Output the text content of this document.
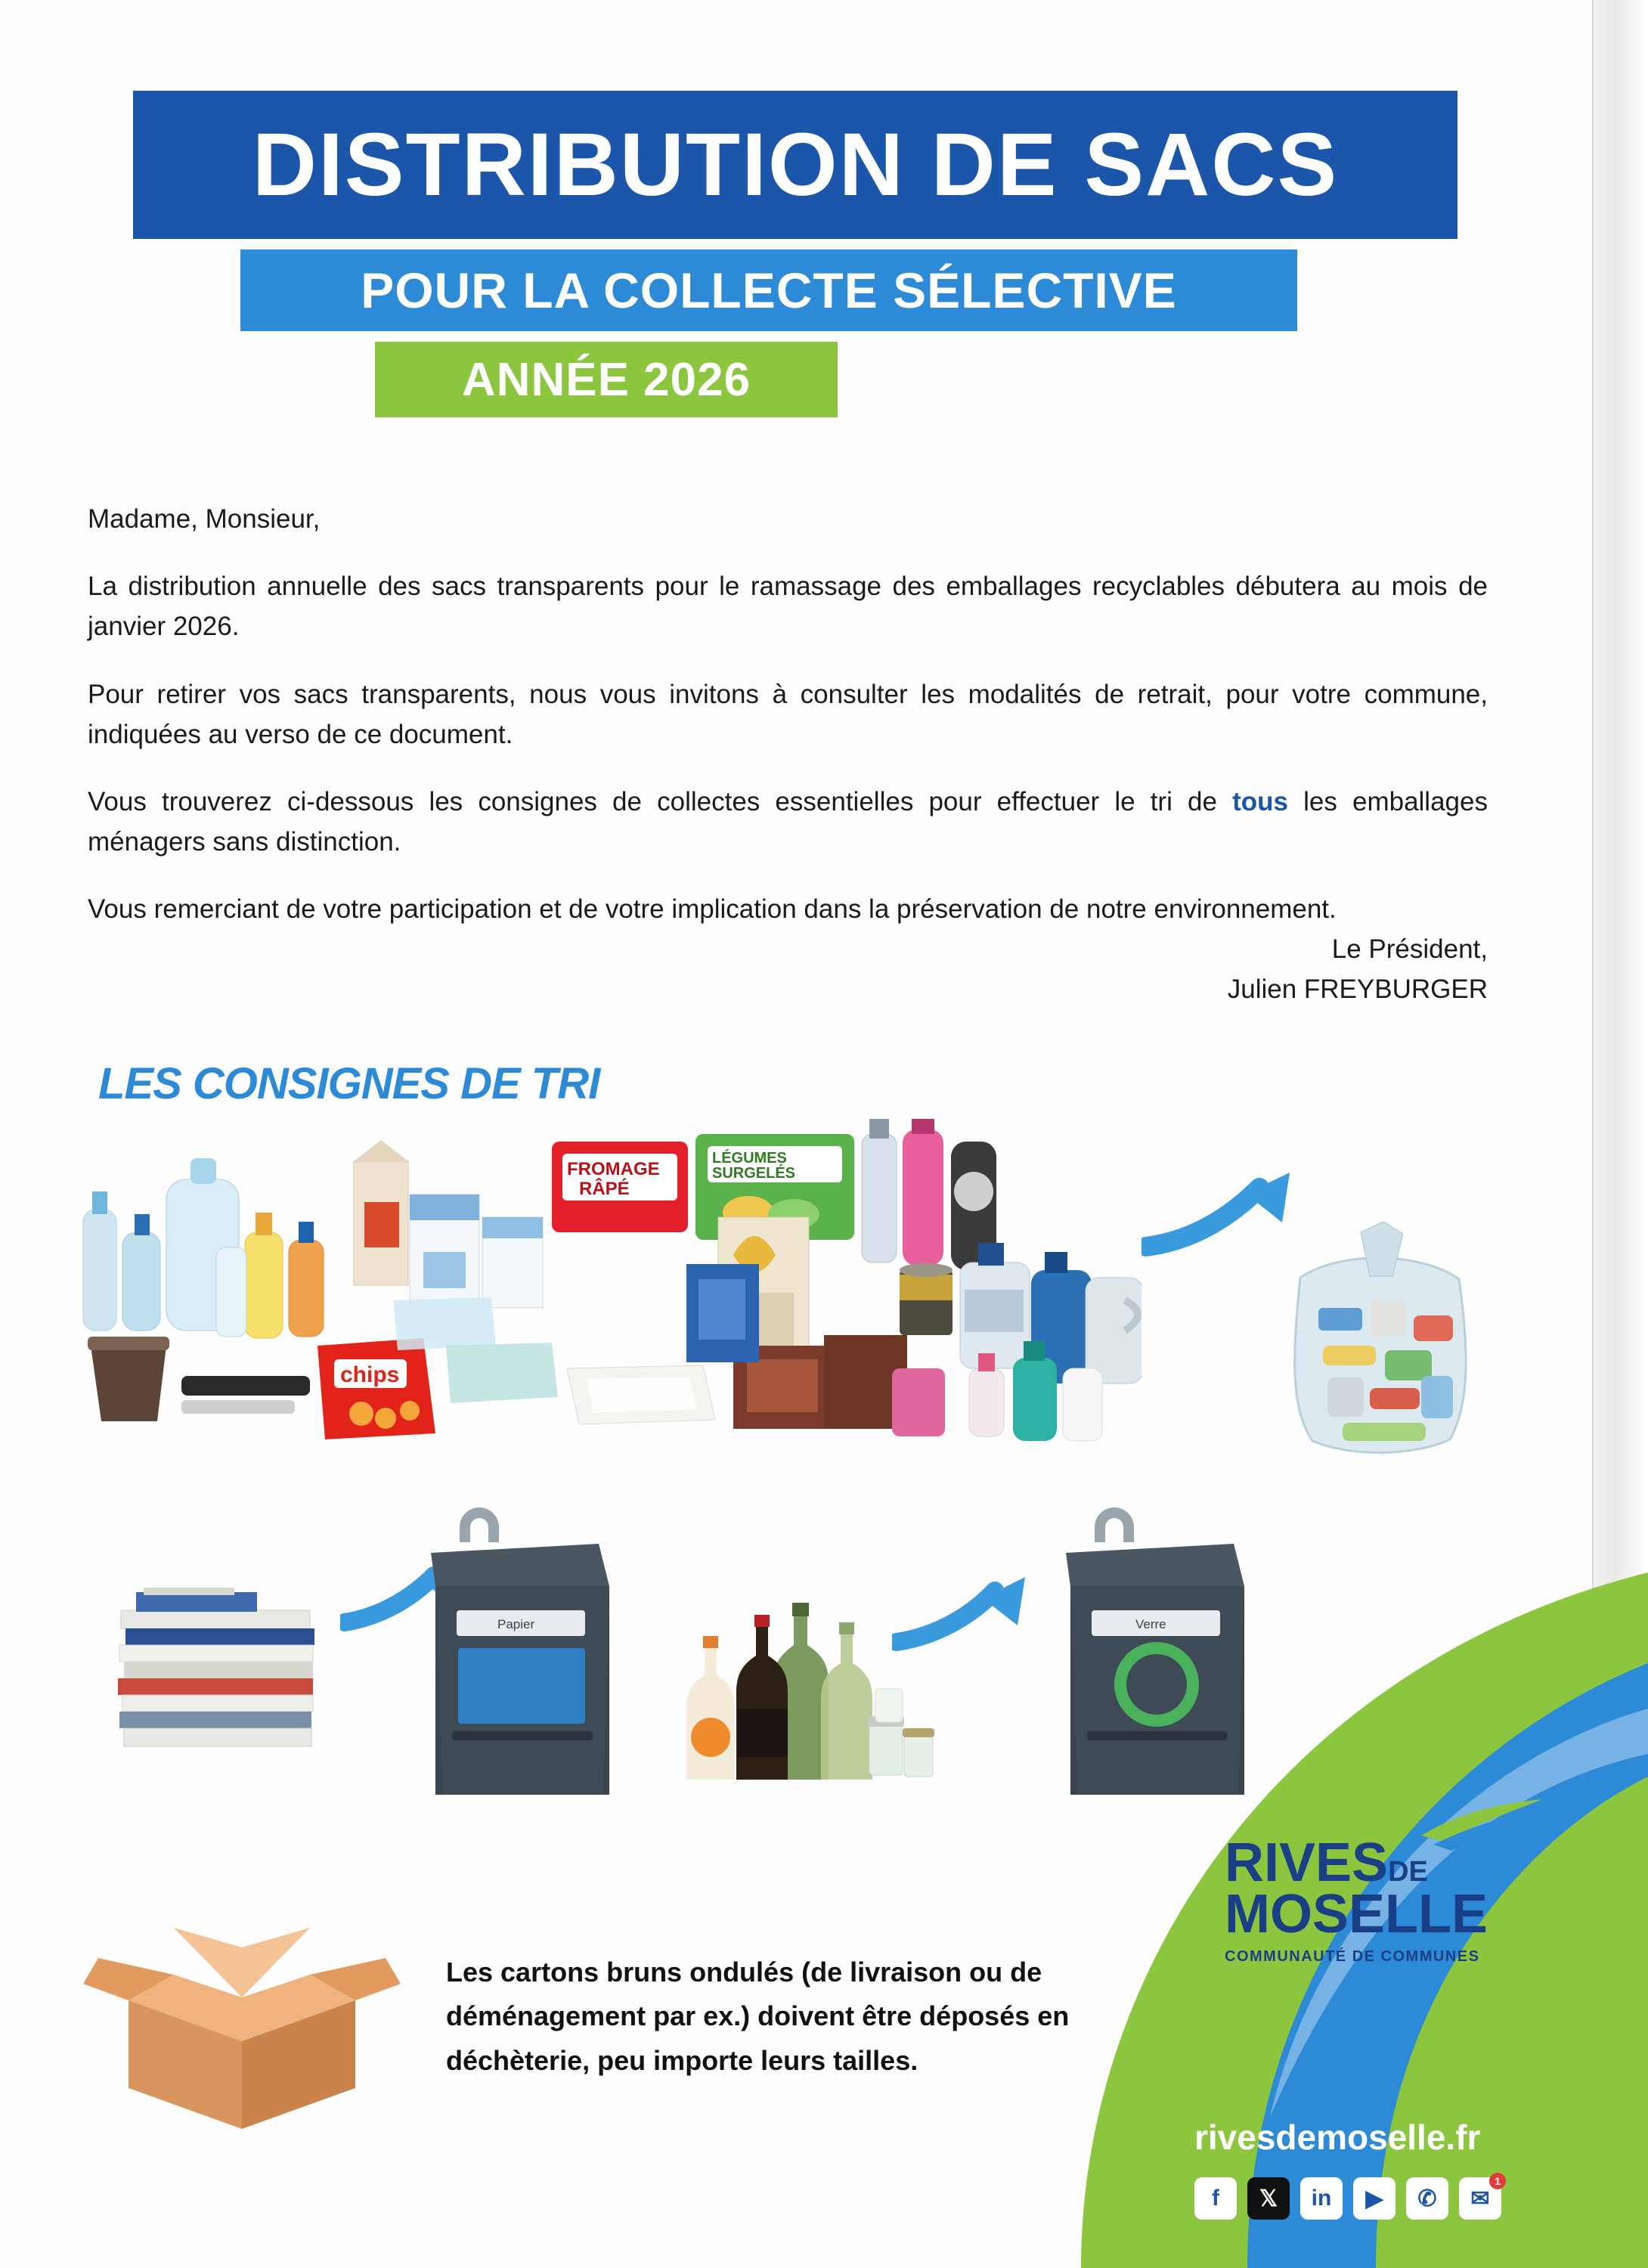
DISTRIBUTION DE SACS
POUR LA COLLECTE SÉLECTIVE
ANNÉE 2026

Madame, Monsieur,

La distribution annuelle des sacs transparents pour le ramassage des emballages recyclables débutera au mois de janvier 2026.

Pour retirer vos sacs transparents, nous vous invitons à consulter les modalités de retrait, pour votre commune, indiquées au verso de ce document.

Vous trouverez ci-dessous les consignes de collectes essentielles pour effectuer le tri de tous les emballages ménagers sans distinction.

Vous remerciant de votre participation et de votre implication dans la préservation de notre environnement.

Le Président,
Julien FREYBURGER
LES CONSIGNES DE TRI
chips
FROMAGE
RÂPÉ
LÉGUMES
SURGELÉS
Papier	Verre
Les cartons bruns ondulés (de livraison ou de déménagement par ex.) doivent être déposés en déchèterie, peu importe leurs tailles.
RIVESDE
MOSELLE
COMMUNAUTÉ DE COMMUNES
rivesdemoselle.fr
f 𝕏 in ▶ ✆ ✉
1
